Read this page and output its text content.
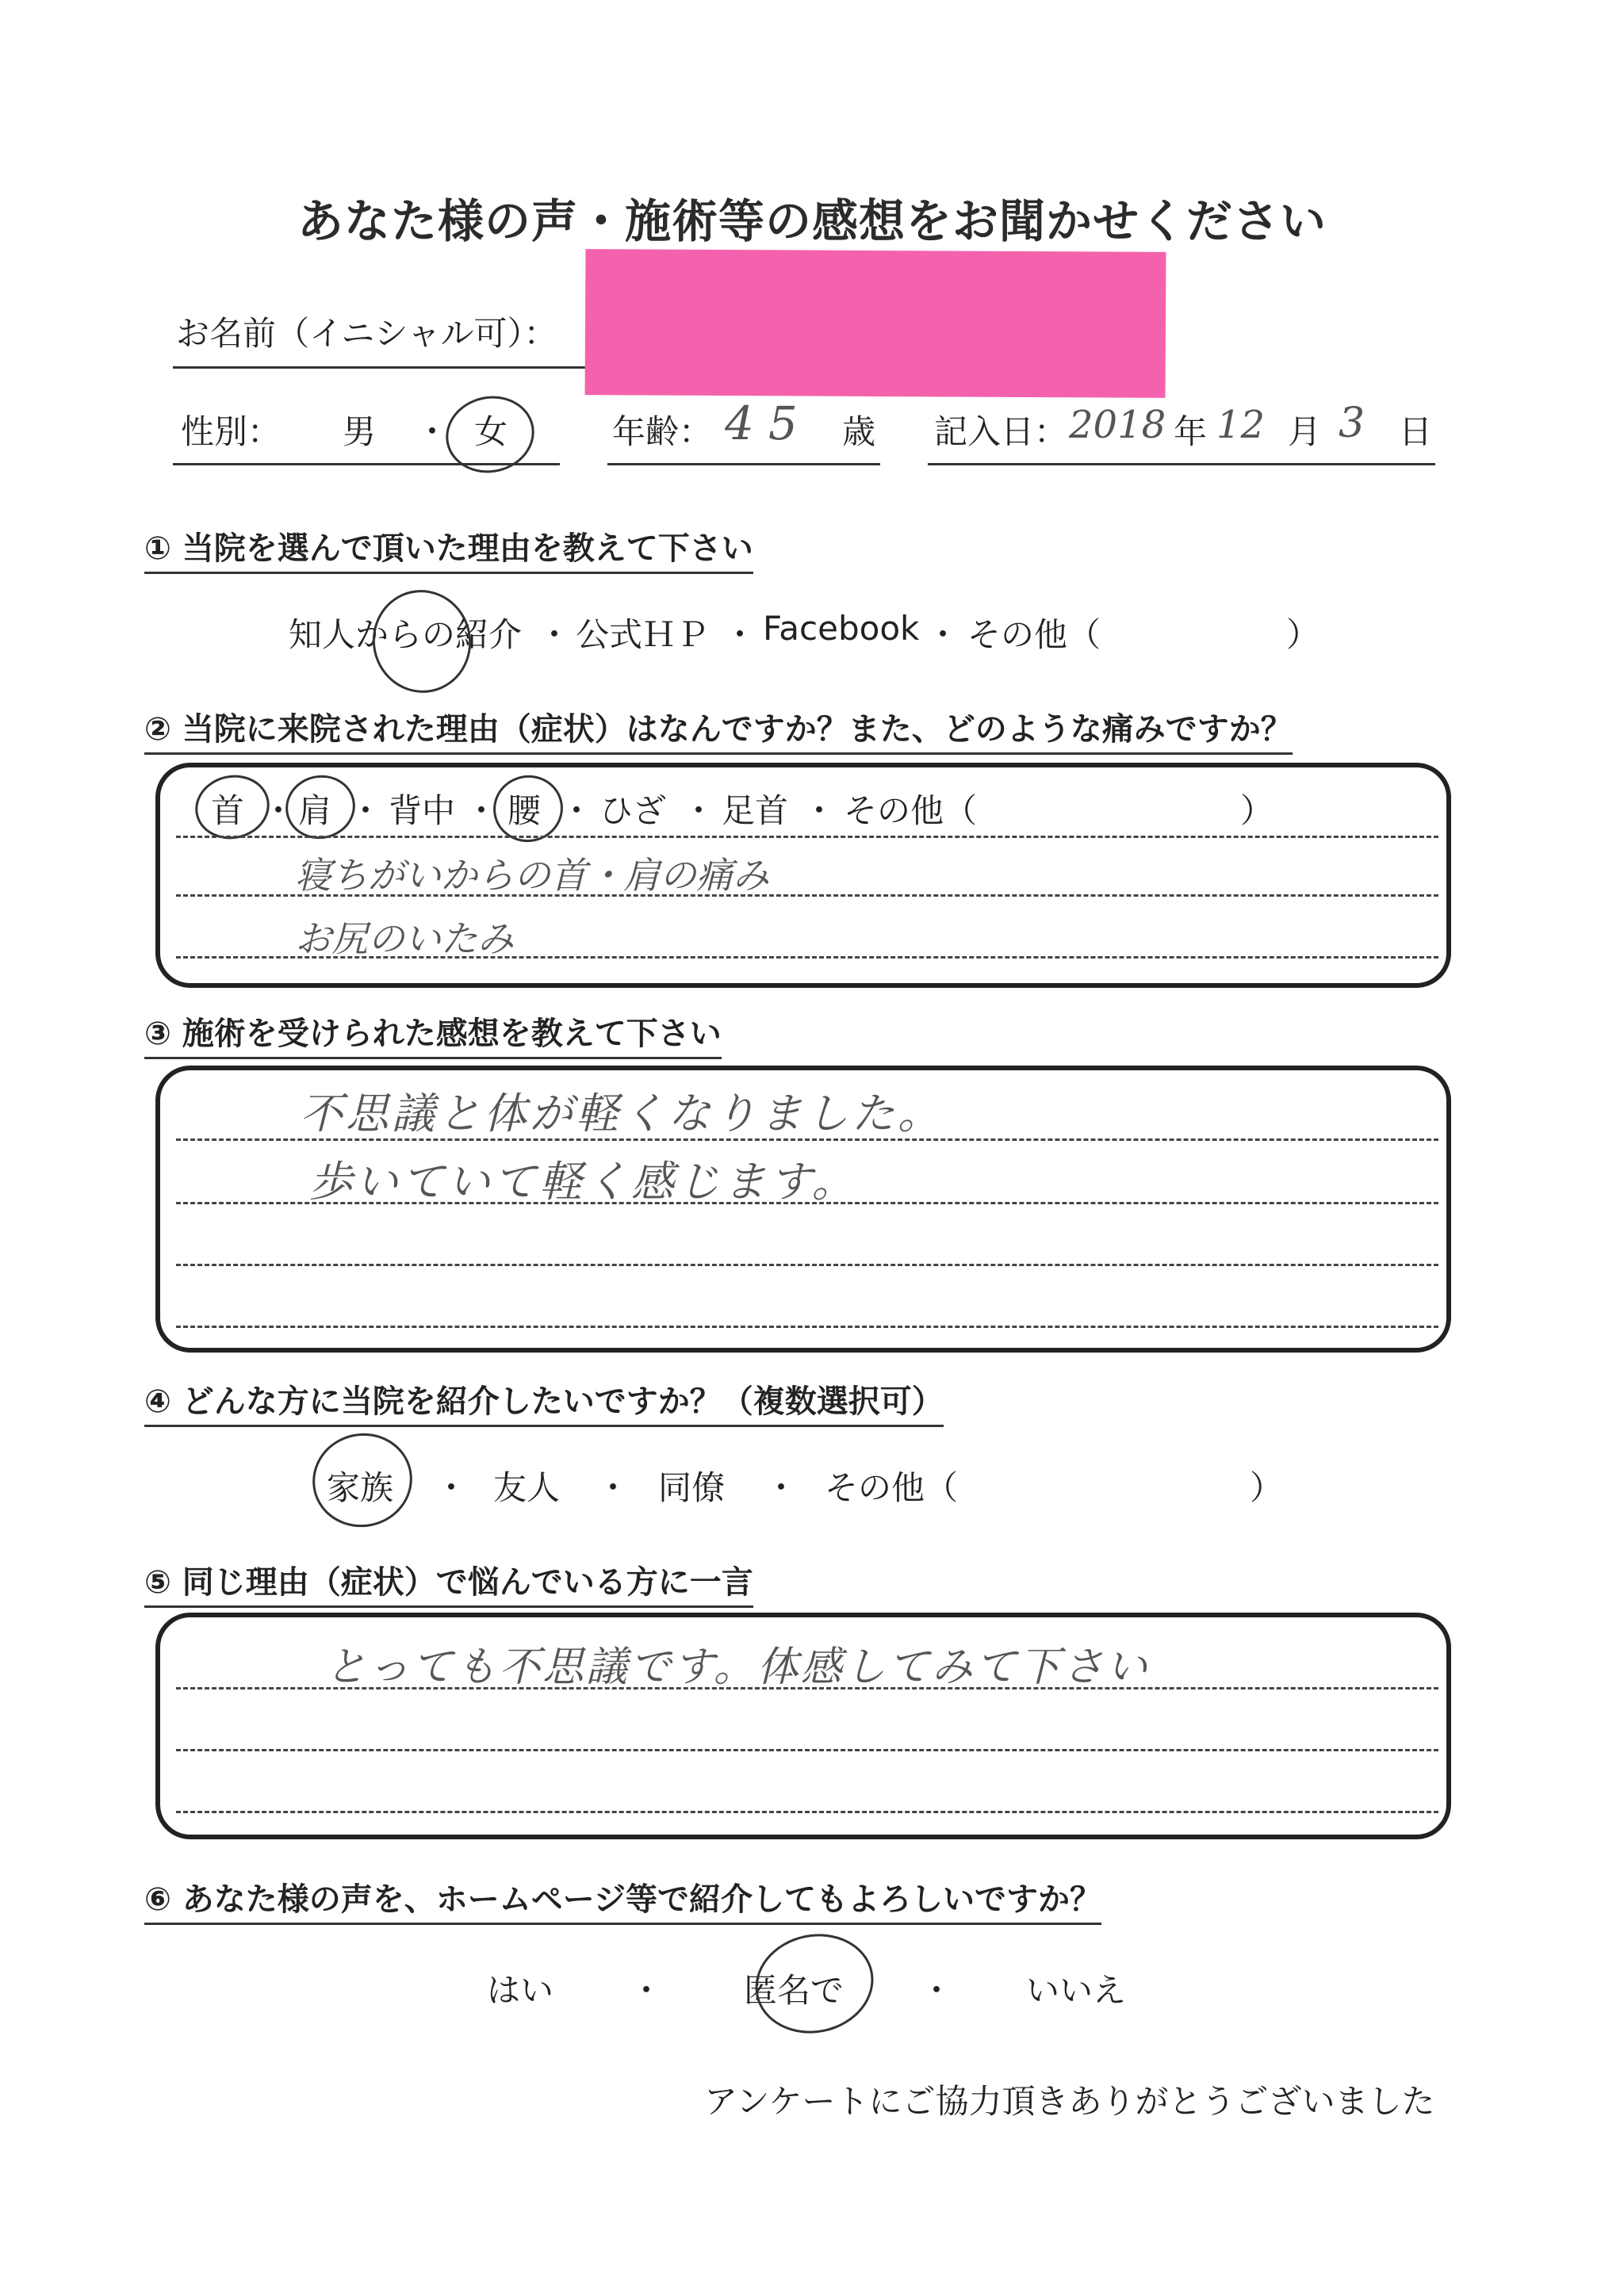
あなた様の声・施術等の感想をお聞かせください
お名前（イニシャル可）：
性別： 男 ・ 女	年齢： 45 歳 記入日： 2018 年 12 月 3 日
① 当院を選んで頂いた理由を教えて下さい
知人からの紹介 ・ 公式ＨＰ ・ Facebook ・ その他（	）
② 当院に来院された理由（症状）はなんですか？また、どのような痛みですか？
首 ・ 肩 ・ 背中 ・ 腰 ・ ひざ ・ 足首 ・ その他（	）
寝ちがいからの首・肩の痛み
お尻のいたみ
③ 施術を受けられた感想を教えて下さい
不思議と体が軽くなりました。
歩いていて軽く感じます。
④ どんな方に当院を紹介したいですか？（複数選択可）
家族 ・ 友人 ・ 同僚 ・ その他（	）
⑤ 同じ理由（症状）で悩んでいる方に一言
とっても不思議です。体感してみて下さい
⑥ あなた様の声を、ホームページ等で紹介してもよろしいですか？
はい ・ 匿名で ・ いいえ
アンケートにご協力頂きありがとうございました
